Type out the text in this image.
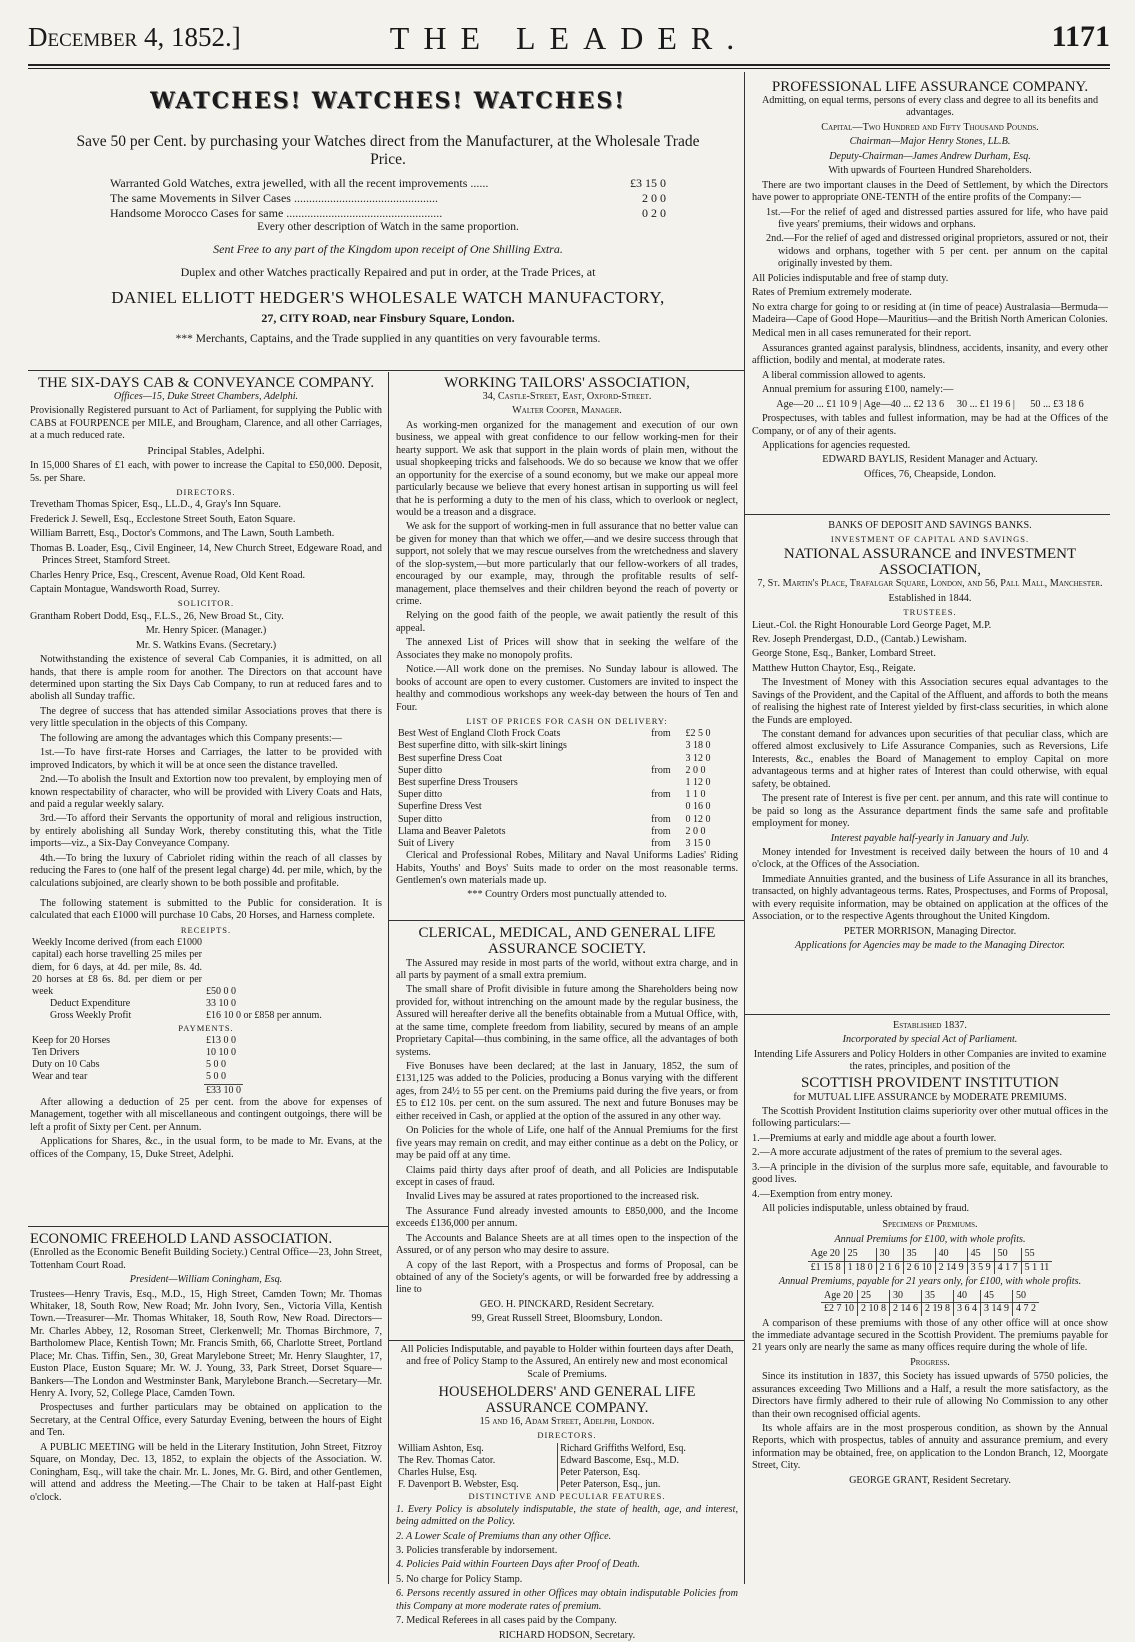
December 4, 1852.]	THE LEADER.	1171
WATCHES! WATCHES! WATCHES!
Save 50 per Cent. by purchasing your Watches direct from the Manufacturer, at the Wholesale Trade Price.
Warranted Gold Watches, extra jewelled, with all the recent improvements ......	£3 15 0
The same Movements in Silver Cases ................................................	2 0 0
Handsome Morocco Cases for same ....................................................	0 2 0
Every other description of Watch in the same proportion.
Sent Free to any part of the Kingdom upon receipt of One Shilling Extra.
Duplex and other Watches practically Repaired and put in order, at the Trade Prices, at
DANIEL ELLIOTT HEDGER'S WHOLESALE WATCH MANUFACTORY,
27, CITY ROAD, near Finsbury Square, London.
*** Merchants, Captains, and the Trade supplied in any quantities on very favourable terms.
THE SIX-DAYS CAB & CONVEYANCE COMPANY.

Offices—15, Duke Street Chambers, Adelphi.

Provisionally Registered pursuant to Act of Parliament, for supplying the Public with CABS at FOURPENCE per MILE, and Brougham, Clarence, and all other Carriages, at a much reduced rate.

Principal Stables, Adelphi.

In 15,000 Shares of £1 each, with power to increase the Capital to £50,000. Deposit, 5s. per Share.

DIRECTORS.

Trevetham Thomas Spicer, Esq., LL.D., 4, Gray's Inn Square.

Frederick J. Sewell, Esq., Ecclestone Street South, Eaton Square.

William Barrett, Esq., Doctor's Commons, and The Lawn, South Lambeth.

Thomas B. Loader, Esq., Civil Engineer, 14, New Church Street, Edgeware Road, and Princes Street, Stamford Street.

Charles Henry Price, Esq., Crescent, Avenue Road, Old Kent Road.

Captain Montague, Wandsworth Road, Surrey.

SOLICITOR.

Grantham Robert Dodd, Esq., F.L.S., 26, New Broad St., City.

Mr. Henry Spicer. (Manager.)

Mr. S. Watkins Evans. (Secretary.)

Notwithstanding the existence of several Cab Companies, it is admitted, on all hands, that there is ample room for another. The Directors on that account have determined upon starting the Six Days Cab Company, to run at reduced fares and to abolish all Sunday traffic.

The degree of success that has attended similar Associations proves that there is very little speculation in the objects of this Company.

The following are among the advantages which this Company presents:—

1st.—To have first-rate Horses and Carriages, the latter to be provided with improved Indicators, by which it will be at once seen the distance travelled.

2nd.—To abolish the Insult and Extortion now too prevalent, by employing men of known respectability of character, who will be provided with Livery Coats and Hats, and paid a regular weekly salary.

3rd.—To afford their Servants the opportunity of moral and religious instruction, by entirely abolishing all Sunday Work, thereby constituting this, what the Title imports—viz., a Six-Day Conveyance Company.

4th.—To bring the luxury of Cabriolet riding within the reach of all classes by reducing the Fares to (one half of the present legal charge) 4d. per mile, which, by the calculations subjoined, are clearly shown to be both possible and profitable.

The following statement is submitted to the Public for consideration. It is calculated that each £1000 will purchase 10 Cabs, 20 Horses, and Harness complete.

RECEIPTS.

Weekly Income derived (from each £1000 capital) each horse travelling 25 miles per diem, for 6 days, at 4d. per mile, 8s. 4d. 20 horses at £8 6s. 8d. per diem or per week	£50 0 0
Deduct Expenditure	33 10 0
Gross Weekly Profit	£16 10 0 or £858 per annum.

PAYMENTS.

Keep for 20 Horses	£13 0 0
Ten Drivers	10 10 0
Duty on 10 Cabs	5 0 0
Wear and tear	5 0 0
	£33 10 0

After allowing a deduction of 25 per cent. from the above for expenses of Management, together with all miscellaneous and contingent outgoings, there will be left a profit of Sixty per Cent. per Annum.

Applications for Shares, &c., in the usual form, to be made to Mr. Evans, at the offices of the Company, 15, Duke Street, Adelphi.

ECONOMIC FREEHOLD LAND ASSOCIATION.

(Enrolled as the Economic Benefit Building Society.) Central Office—23, John Street, Tottenham Court Road.

President—William Coningham, Esq.

Trustees—Henry Travis, Esq., M.D., 15, High Street, Camden Town; Mr. Thomas Whitaker, 18, South Row, New Road; Mr. John Ivory, Sen., Victoria Villa, Kentish Town.—Treasurer—Mr. Thomas Whitaker, 18, South Row, New Road. Directors—Mr. Charles Abbey, 12, Rosoman Street, Clerkenwell; Mr. Thomas Birchmore, 7, Bartholomew Place, Kentish Town; Mr. Francis Smith, 66, Charlotte Street, Portland Place; Mr. Chas. Tiffin, Sen., 30, Great Marylebone Street; Mr. Henry Slaughter, 17, Euston Place, Euston Square; Mr. W. J. Young, 33, Park Street, Dorset Square—Bankers—The London and Westminster Bank, Marylebone Branch.—Secretary—Mr. Henry A. Ivory, 52, College Place, Camden Town.

Prospectuses and further particulars may be obtained on application to the Secretary, at the Central Office, every Saturday Evening, between the hours of Eight and Ten.

A PUBLIC MEETING will be held in the Literary Institution, John Street, Fitzroy Square, on Monday, Dec. 13, 1852, to explain the objects of the Association. W. Coningham, Esq., will take the chair. Mr. L. Jones, Mr. G. Bird, and other Gentlemen, will attend and address the Meeting.—The Chair to be taken at Half-past Eight o'clock.

WORKING TAILORS' ASSOCIATION,

34, Castle-Street, East, Oxford-Street.

Walter Cooper, Manager.

As working-men organized for the management and execution of our own business, we appeal with great confidence to our fellow working-men for their hearty support. We ask that support in the plain words of plain men, without the usual shopkeeping tricks and falsehoods. We do so because we know that we offer an opportunity for the exercise of a sound economy, but we make our appeal more particularly because we believe that every honest artisan in supporting us will feel that he is performing a duty to the men of his class, which to overlook or neglect, would be a treason and a disgrace.

We ask for the support of working-men in full assurance that no better value can be given for money than that which we offer,—and we desire success through that support, not solely that we may rescue ourselves from the wretchedness and slavery of the slop-system,—but more particularly that our fellow-workers of all trades, encouraged by our example, may, through the profitable results of self-management, place themselves and their children beyond the reach of poverty or crime.

Relying on the good faith of the people, we await patiently the result of this appeal.

The annexed List of Prices will show that in seeking the welfare of the Associates they make no monopoly profits.

Notice.—All work done on the premises. No Sunday labour is allowed. The books of account are open to every customer. Customers are invited to inspect the healthy and commodious workshops any week-day between the hours of Ten and Four.

LIST OF PRICES FOR CASH ON DELIVERY:

Best West of England Cloth Frock Coats	from	£2 5 0
Best superfine ditto, with silk-skirt linings		3 18 0
Best superfine Dress Coat		3 12 0
Super ditto	from	2 0 0
Best superfine Dress Trousers		1 12 0
Super ditto	from	1 1 0
Superfine Dress Vest		0 16 0
Super ditto	from	0 12 0
Llama and Beaver Paletots	from	2 0 0
Suit of Livery	from	3 15 0

Clerical and Professional Robes, Military and Naval Uniforms Ladies' Riding Habits, Youths' and Boys' Suits made to order on the most reasonable terms. Gentlemen's own materials made up.

*** Country Orders most punctually attended to.

CLERICAL, MEDICAL, AND GENERAL LIFE ASSURANCE SOCIETY.

The Assured may reside in most parts of the world, without extra charge, and in all parts by payment of a small extra premium.

The small share of Profit divisible in future among the Shareholders being now provided for, without intrenching on the amount made by the regular business, the Assured will hereafter derive all the benefits obtainable from a Mutual Office, with, at the same time, complete freedom from liability, secured by means of an ample Proprietary Capital—thus combining, in the same office, all the advantages of both systems.

Five Bonuses have been declared; at the last in January, 1852, the sum of £131,125 was added to the Policies, producing a Bonus varying with the different ages, from 24½ to 55 per cent. on the Premiums paid during the five years, or from £5 to £12 10s. per cent. on the sum assured. The next and future Bonuses may be either received in Cash, or applied at the option of the assured in any other way.

On Policies for the whole of Life, one half of the Annual Premiums for the first five years may remain on credit, and may either continue as a debt on the Policy, or may be paid off at any time.

Claims paid thirty days after proof of death, and all Policies are Indisputable except in cases of fraud.

Invalid Lives may be assured at rates proportioned to the increased risk.

The Assurance Fund already invested amounts to £850,000, and the Income exceeds £136,000 per annum.

The Accounts and Balance Sheets are at all times open to the inspection of the Assured, or of any person who may desire to assure.

A copy of the last Report, with a Prospectus and forms of Proposal, can be obtained of any of the Society's agents, or will be forwarded free by addressing a line to

GEO. H. PINCKARD, Resident Secretary.

99, Great Russell Street, Bloomsbury, London.

All Policies Indisputable, and payable to Holder within fourteen days after Death, and free of Policy Stamp to the Assured, An entirely new and most economical Scale of Premiums.

HOUSEHOLDERS' AND GENERAL LIFE ASSURANCE COMPANY.

15 and 16, Adam Street, Adelphi, London.

DIRECTORS.

William Ashton, Esq.	Richard Griffiths Welford, Esq.
The Rev. Thomas Cator.	Edward Bascome, Esq., M.D.
Charles Hulse, Esq.	Peter Paterson, Esq.
F. Davenport B. Webster, Esq.	Peter Paterson, Esq., jun.

DISTINCTIVE AND PECULIAR FEATURES.

1. Every Policy is absolutely indisputable, the state of health, age, and interest, being admitted on the Policy.

2. A Lower Scale of Premiums than any other Office.

3. Policies transferable by indorsement.

4. Policies Paid within Fourteen Days after Proof of Death.

5. No charge for Policy Stamp.

6. Persons recently assured in other Offices may obtain indisputable Policies from this Company at more moderate rates of premium.

7. Medical Referees in all cases paid by the Company.

RICHARD HODSON, Secretary.

PROFESSIONAL LIFE ASSURANCE COMPANY.

Admitting, on equal terms, persons of every class and degree to all its benefits and advantages.

Capital—Two Hundred and Fifty Thousand Pounds.

Chairman—Major Henry Stones, LL.B.

Deputy-Chairman—James Andrew Durham, Esq.

With upwards of Fourteen Hundred Shareholders.

There are two important clauses in the Deed of Settlement, by which the Directors have power to appropriate ONE-TENTH of the entire profits of the Company:—

1st.—For the relief of aged and distressed parties assured for life, who have paid five years' premiums, their widows and orphans.

2nd.—For the relief of aged and distressed original proprietors, assured or not, their widows and orphans, together with 5 per cent. per annum on the capital originally invested by them.

All Policies indisputable and free of stamp duty.

Rates of Premium extremely moderate.

No extra charge for going to or residing at (in time of peace) Australasia—Bermuda—Madeira—Cape of Good Hope—Mauritius—and the British North American Colonies.

Medical men in all cases remunerated for their report.

Assurances granted against paralysis, blindness, accidents, insanity, and every other affliction, bodily and mental, at moderate rates.

A liberal commission allowed to agents.

Annual premium for assuring £100, namely:—

Age—20 ... £1 10 9 | Age—40 ... £2 13 6     30 ... £1 19 6 |      50 ... £3 18 6

Prospectuses, with tables and fullest information, may be had at the Offices of the Company, or of any of their agents.

Applications for agencies requested.

EDWARD BAYLIS, Resident Manager and Actuary.

Offices, 76, Cheapside, London.

BANKS OF DEPOSIT AND SAVINGS BANKS.

INVESTMENT OF CAPITAL AND SAVINGS.

NATIONAL ASSURANCE and INVESTMENT ASSOCIATION,

7, St. Martin's Place, Trafalgar Square, London, and 56, Pall Mall, Manchester.

Established in 1844.

TRUSTEES.

Lieut.-Col. the Right Honourable Lord George Paget, M.P.

Rev. Joseph Prendergast, D.D., (Cantab.) Lewisham.

George Stone, Esq., Banker, Lombard Street.

Matthew Hutton Chaytor, Esq., Reigate.

The Investment of Money with this Association secures equal advantages to the Savings of the Provident, and the Capital of the Affluent, and affords to both the means of realising the highest rate of Interest yielded by first-class securities, in which alone the Funds are employed.

The constant demand for advances upon securities of that peculiar class, which are offered almost exclusively to Life Assurance Companies, such as Reversions, Life Interests, &c., enables the Board of Management to employ Capital on more advantageous terms and at higher rates of Interest than could otherwise, with equal safety, be obtained.

The present rate of Interest is five per cent. per annum, and this rate will continue to be paid so long as the Assurance department finds the same safe and profitable employment for money.

Interest payable half-yearly in January and July.

Money intended for Investment is received daily between the hours of 10 and 4 o'clock, at the Offices of the Association.

Immediate Annuities granted, and the business of Life Assurance in all its branches, transacted, on highly advantageous terms. Rates, Prospectuses, and Forms of Proposal, with every requisite information, may be obtained on application at the offices of the Association, or to the respective Agents throughout the United Kingdom.

PETER MORRISON, Managing Director.

Applications for Agencies may be made to the Managing Director.

Established 1837.

Incorporated by special Act of Parliament.

Intending Life Assurers and Policy Holders in other Companies are invited to examine the rates, principles, and position of the

SCOTTISH PROVIDENT INSTITUTION

for MUTUAL LIFE ASSURANCE by MODERATE PREMIUMS.

The Scottish Provident Institution claims superiority over other mutual offices in the following particulars:—

1.—Premiums at early and middle age about a fourth lower.

2.—A more accurate adjustment of the rates of premium to the several ages.

3.—A principle in the division of the surplus more safe, equitable, and favourable to good lives.

4.—Exemption from entry money.

All policies indisputable, unless obtained by fraud.

Specimens of Premiums.

Annual Premiums for £100, with whole profits.

Age 20	25	30	35	40	45	50	55
£1 15 8	1 18 0	2 1 6	2 6 10	2 14 9	3 5 9	4 1 7	5 1 11

Annual Premiums, payable for 21 years only, for £100, with whole profits.

Age 20	25	30	35	40	45	50
£2 7 10	2 10 8	2 14 6	2 19 8	3 6 4	3 14 9	4 7 2

A comparison of these premiums with those of any other office will at once show the immediate advantage secured in the Scottish Provident. The premiums payable for 21 years only are nearly the same as many offices require during the whole of life.

Progress.

Since its institution in 1837, this Society has issued upwards of 5750 policies, the assurances exceeding Two Millions and a Half, a result the more satisfactory, as the Directors have firmly adhered to their rule of allowing No Commission to any other than their own recognised official agents.

Its whole affairs are in the most prosperous condition, as shown by the Annual Reports, which with prospectus, tables of annuity and assurance premium, and every information may be obtained, free, on application to the London Branch, 12, Moorgate Street, City.

GEORGE GRANT, Resident Secretary.
